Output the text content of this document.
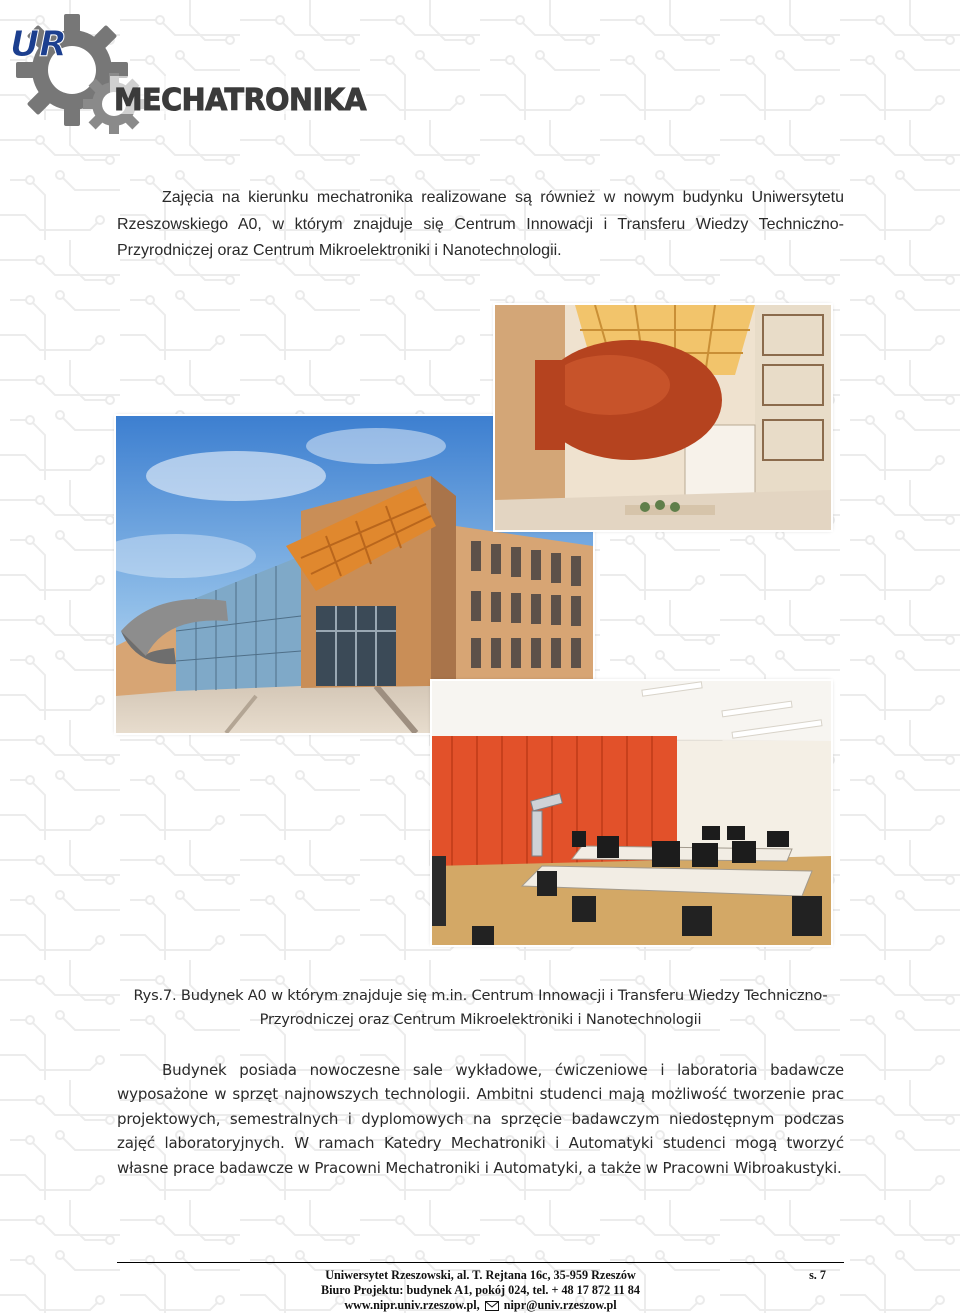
UR
MECHATRONIKA

Zajęcia na kierunku mechatronika realizowane są również w nowym budynku Uniwersytetu Rzeszowskiego A0, w którym znajduje się Centrum Innowacji i Transferu Wiedzy Techniczno-Przyrodniczej oraz Centrum Mikroelektroniki i Nanotechnologii.

Rys.7. Budynek A0 w którym znajduje się m.in. Centrum Innowacji i Transferu Wiedzy Techniczno-
Przyrodniczej oraz Centrum Mikroelektroniki i Nanotechnologii

Budynek posiada nowoczesne sale wykładowe, ćwiczeniowe i laboratoria badawcze wyposażone w sprzęt najnowszych technologii. Ambitni studenci mają możliwość tworzenie prac projektowych, semestralnych i dyplomowych na sprzęcie badawczym niedostępnym podczas zajęć laboratoryjnych. W ramach Katedry Mechatroniki i Automatyki studenci mogą tworzyć własne prace badawcze w Pracowni Mechatroniki i Automatyki, a także w Pracowni Wibroakustyki.

Uniwersytet Rzeszowski, al. T. Rejtana 16c, 35-959 Rzeszów
Biuro Projektu: budynek A1, pokój 024, tel. + 48 17 872 11 84
www.nipr.univ.rzeszow.pl, nipr@univ.rzeszow.pl
s. 7
